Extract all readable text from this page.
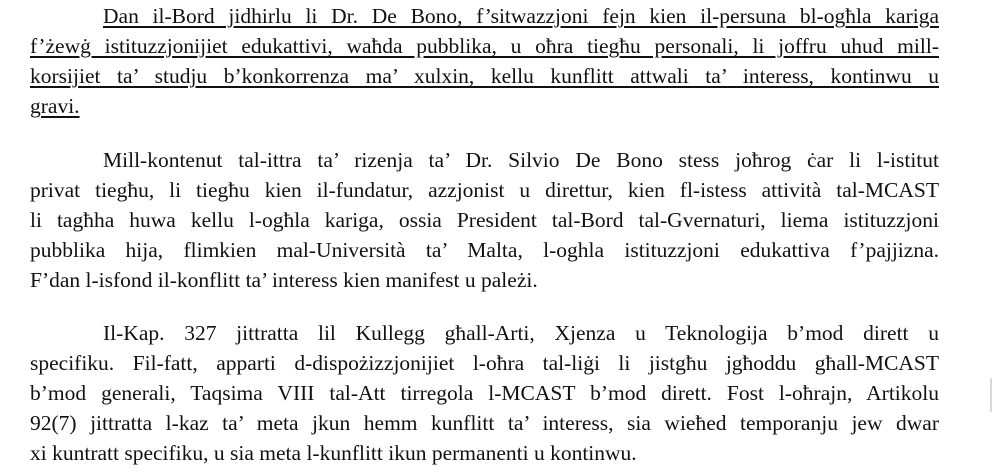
Dan il-Bord jidhirlu li Dr. De Bono, f’sitwazzjoni fejn kien il-persuna bl-ogħla kariga
f’żewġ istituzzjonijiet edukattivi, waħda pubblika, u oħra tiegħu personali, li joffru uhud mill-
korsijiet ta’ studju b’konkorrenza ma’ xulxin, kellu kunflitt attwali ta’ interess, kontinwu u
gravi.
Mill-kontenut tal-ittra ta’ rizenja ta’ Dr. Silvio De Bono stess joħrog ċar li l-istitut
privat tiegħu, li tiegħu kien il-fundatur, azzjonist u direttur, kien fl-istess attività tal-MCAST
li tagħha huwa kellu l-ogħla kariga, ossia President tal-Bord tal-Gvernaturi, liema istituzzjoni
pubblika hija, flimkien mal-Università ta’ Malta, l-oghla istituzzjoni edukattiva f’pajjizna.
F’dan l-isfond il-konflitt ta’ interess kien manifest u pależi.
Il-Kap. 327 jittratta lil Kullegg għall-Arti, Xjenza u Teknologija b’mod dirett u
specifiku. Fil-fatt, apparti d-dispożizzjonijiet l-oħra tal-liġi li jistgħu jgħoddu għall-MCAST
b’mod generali, Taqsima VIII tal-Att tirregola l-MCAST b’mod dirett. Fost l-oħrajn, Artikolu
92(7) jittratta l-kaz ta’ meta jkun hemm kunflitt ta’ interess, sia wieħed temporanju jew dwar
xi kuntratt specifiku, u sia meta l-kunflitt ikun permanenti u kontinwu.
